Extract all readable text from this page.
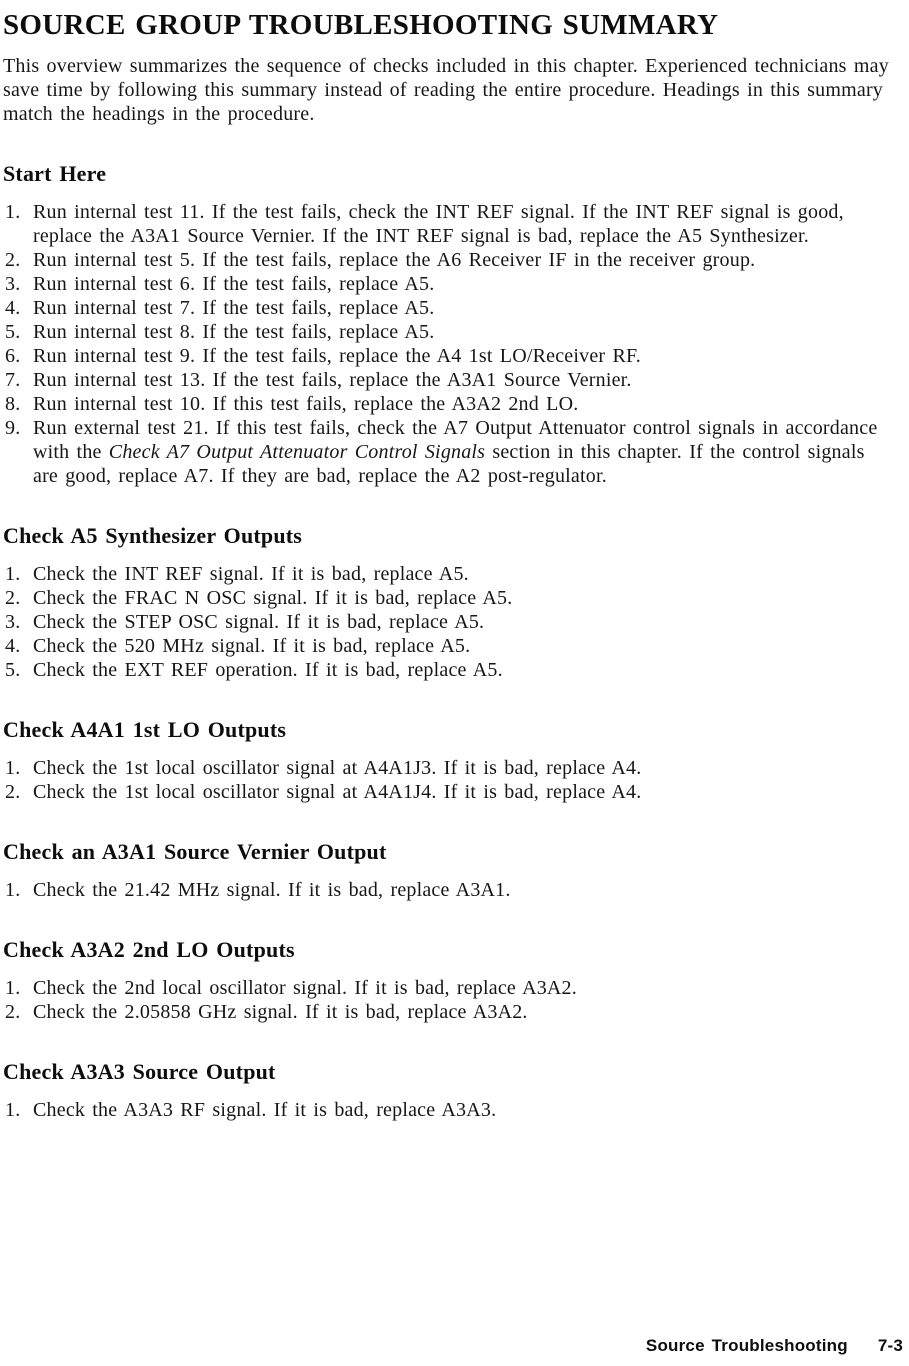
SOURCE GROUP TROUBLESHOOTING SUMMARY

This overview summarizes the sequence of checks included in this chapter. Experienced technicians may save time by following this summary instead of reading the entire procedure. Headings in this summary match the headings in the procedure.

Start Here
Run internal test 11. If the test fails, check the INT REF signal. If the INT REF signal is good, replace the A3A1 Source Vernier. If the INT REF signal is bad, replace the A5 Synthesizer.
Run internal test 5. If the test fails, replace the A6 Receiver IF in the receiver group.
Run internal test 6. If the test fails, replace A5.
Run internal test 7. If the test fails, replace A5.
Run internal test 8. If the test fails, replace A5.
Run internal test 9. If the test fails, replace the A4 1st LO/Receiver RF.
Run internal test 13. If the test fails, replace the A3A1 Source Vernier.
Run internal test 10. If this test fails, replace the A3A2 2nd LO.
Run external test 21. If this test fails, check the A7 Output Attenuator control signals in accordance with the Check A7 Output Attenuator Control Signals section in this chapter. If the control signals are good, replace A7. If they are bad, replace the A2 post-regulator.
Check A5 Synthesizer Outputs
Check the INT REF signal. If it is bad, replace A5.
Check the FRAC N OSC signal. If it is bad, replace A5.
Check the STEP OSC signal. If it is bad, replace A5.
Check the 520 MHz signal. If it is bad, replace A5.
Check the EXT REF operation. If it is bad, replace A5.
Check A4A1 1st LO Outputs
Check the 1st local oscillator signal at A4A1J3. If it is bad, replace A4.
Check the 1st local oscillator signal at A4A1J4. If it is bad, replace A4.
Check an A3A1 Source Vernier Output
Check the 21.42 MHz signal. If it is bad, replace A3A1.
Check A3A2 2nd LO Outputs
Check the 2nd local oscillator signal. If it is bad, replace A3A2.
Check the 2.05858 GHz signal. If it is bad, replace A3A2.
Check A3A3 Source Output
Check the A3A3 RF signal. If it is bad, replace A3A3.
Source Troubleshooting 7-3
